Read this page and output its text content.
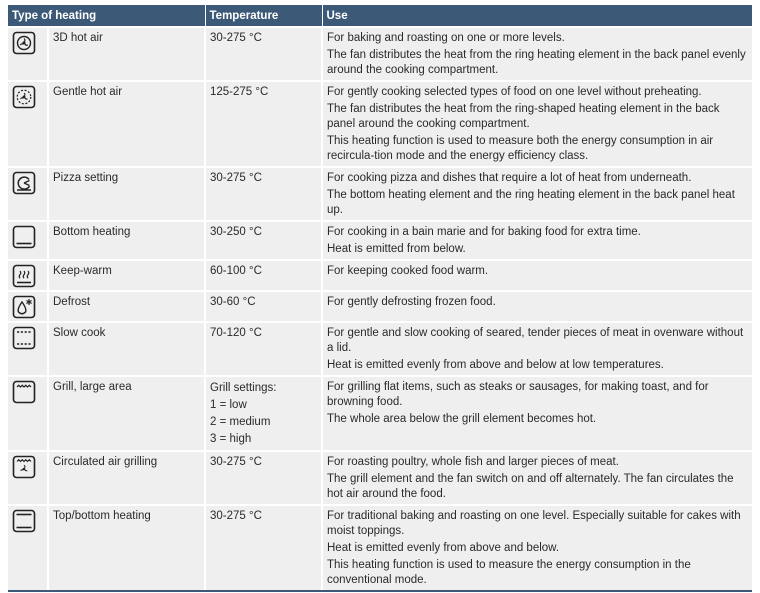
Type of heating		Temperature	Use

	3D hot air	30-275 °C	For baking and roasting on one or more levels.
The fan distributes the heat from the ring heating element in the back panel evenly around the cooking compartment.

	Gentle hot air	125-275 °C	For gently cooking selected types of food on one level without preheating.
The fan distributes the heat from the ring-shaped heating element in the back panel around the cooking compartment.
This heating function is used to measure both the energy consumption in air recircula-tion mode and the energy efficiency class.

	Pizza setting	30-275 °C	For cooking pizza and dishes that require a lot of heat from underneath.
The bottom heating element and the ring heating element in the back panel heat up.

	Bottom heating	30-250 °C	For cooking in a bain marie and for baking food for extra time.
Heat is emitted from below.

	Keep-warm	60-100 °C	For keeping cooked food warm.

	Defrost	30-60 °C	For gently defrosting frozen food.

	Slow cook	70-120 °C	For gentle and slow cooking of seared, tender pieces of meat in ovenware without a lid.
Heat is emitted evenly from above and below at low temperatures.

	Grill, large area	Grill settings:
1 = low
2 = medium
3 = high	For grilling flat items, such as steaks or sausages, for making toast, and for browning food.
The whole area below the grill element becomes hot.

	Circulated air grilling	30-275 °C	For roasting poultry, whole fish and larger pieces of meat.
The grill element and the fan switch on and off alternately. The fan circulates the hot air around the food.

	Top/bottom heating	30-275 °C	For traditional baking and roasting on one level. Especially suitable for cakes with moist toppings.
Heat is emitted evenly from above and below.
This heating function is used to measure the energy consumption in the conventional mode.
